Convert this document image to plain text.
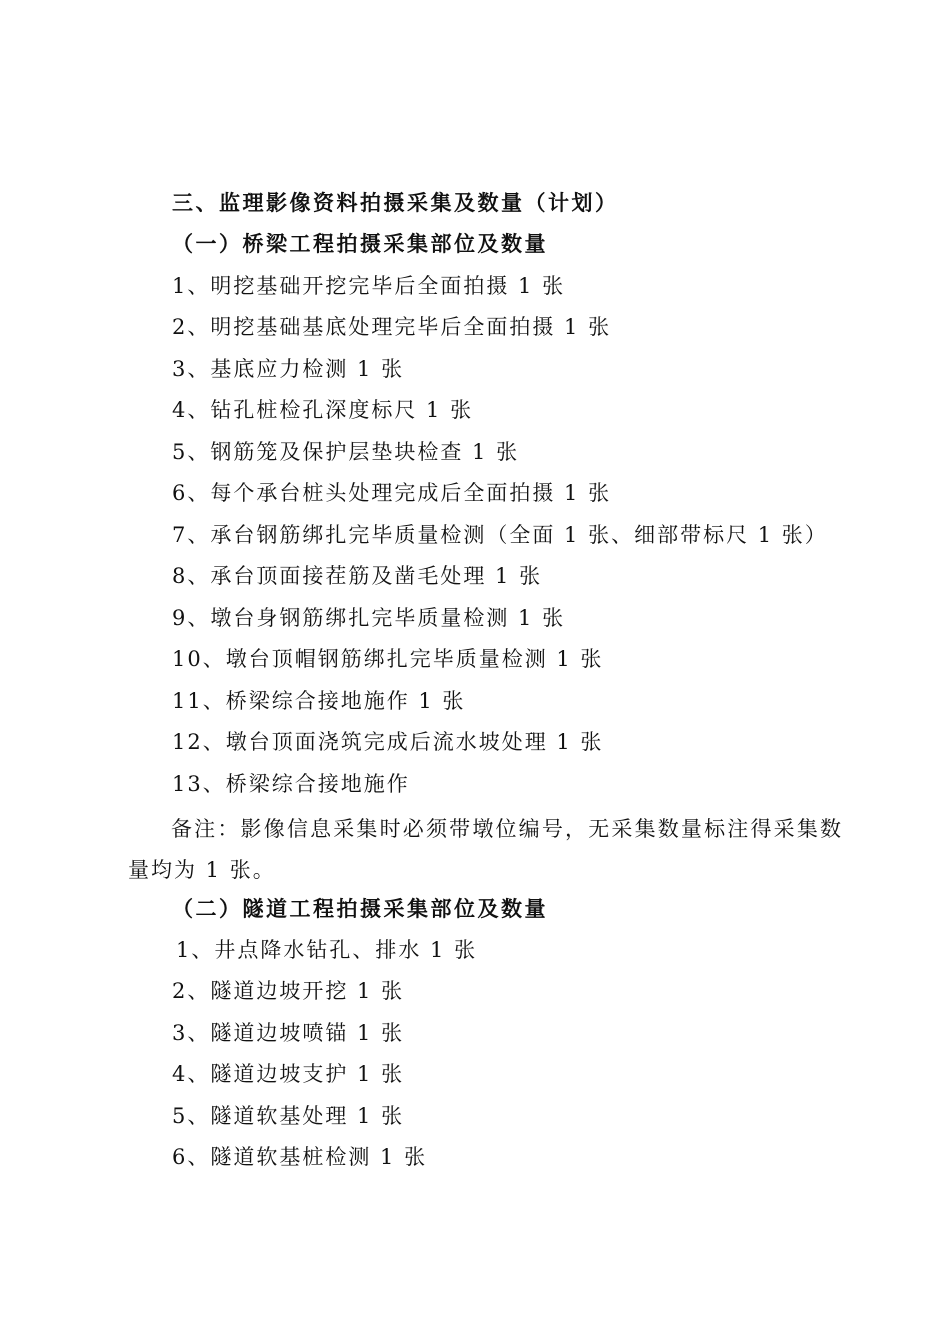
三、监理影像资料拍摄采集及数量（计划）
（一）桥梁工程拍摄采集部位及数量
1、明挖基础开挖完毕后全面拍摄 1 张
2、明挖基础基底处理完毕后全面拍摄 1 张
3、基底应力检测 1 张
4、钻孔桩检孔深度标尺 1 张
5、钢筋笼及保护层垫块检查 1 张
6、每个承台桩头处理完成后全面拍摄 1 张
7、承台钢筋绑扎完毕质量检测（全面 1 张、细部带标尺 1 张）
8、承台顶面接茬筋及凿毛处理 1 张
9、墩台身钢筋绑扎完毕质量检测 1 张
10、墩台顶帽钢筋绑扎完毕质量检测 1 张
11、桥梁综合接地施作 1 张
12、墩台顶面浇筑完成后流水坡处理 1 张
13、桥梁综合接地施作
备注：影像信息采集时必须带墩位编号，无采集数量标注得采集数量均为 1 张。
（二）隧道工程拍摄采集部位及数量
1、井点降水钻孔、排水 1 张
2、隧道边坡开挖 1 张
3、隧道边坡喷锚 1 张
4、隧道边坡支护 1 张
5、隧道软基处理 1 张
6、隧道软基桩检测 1 张
